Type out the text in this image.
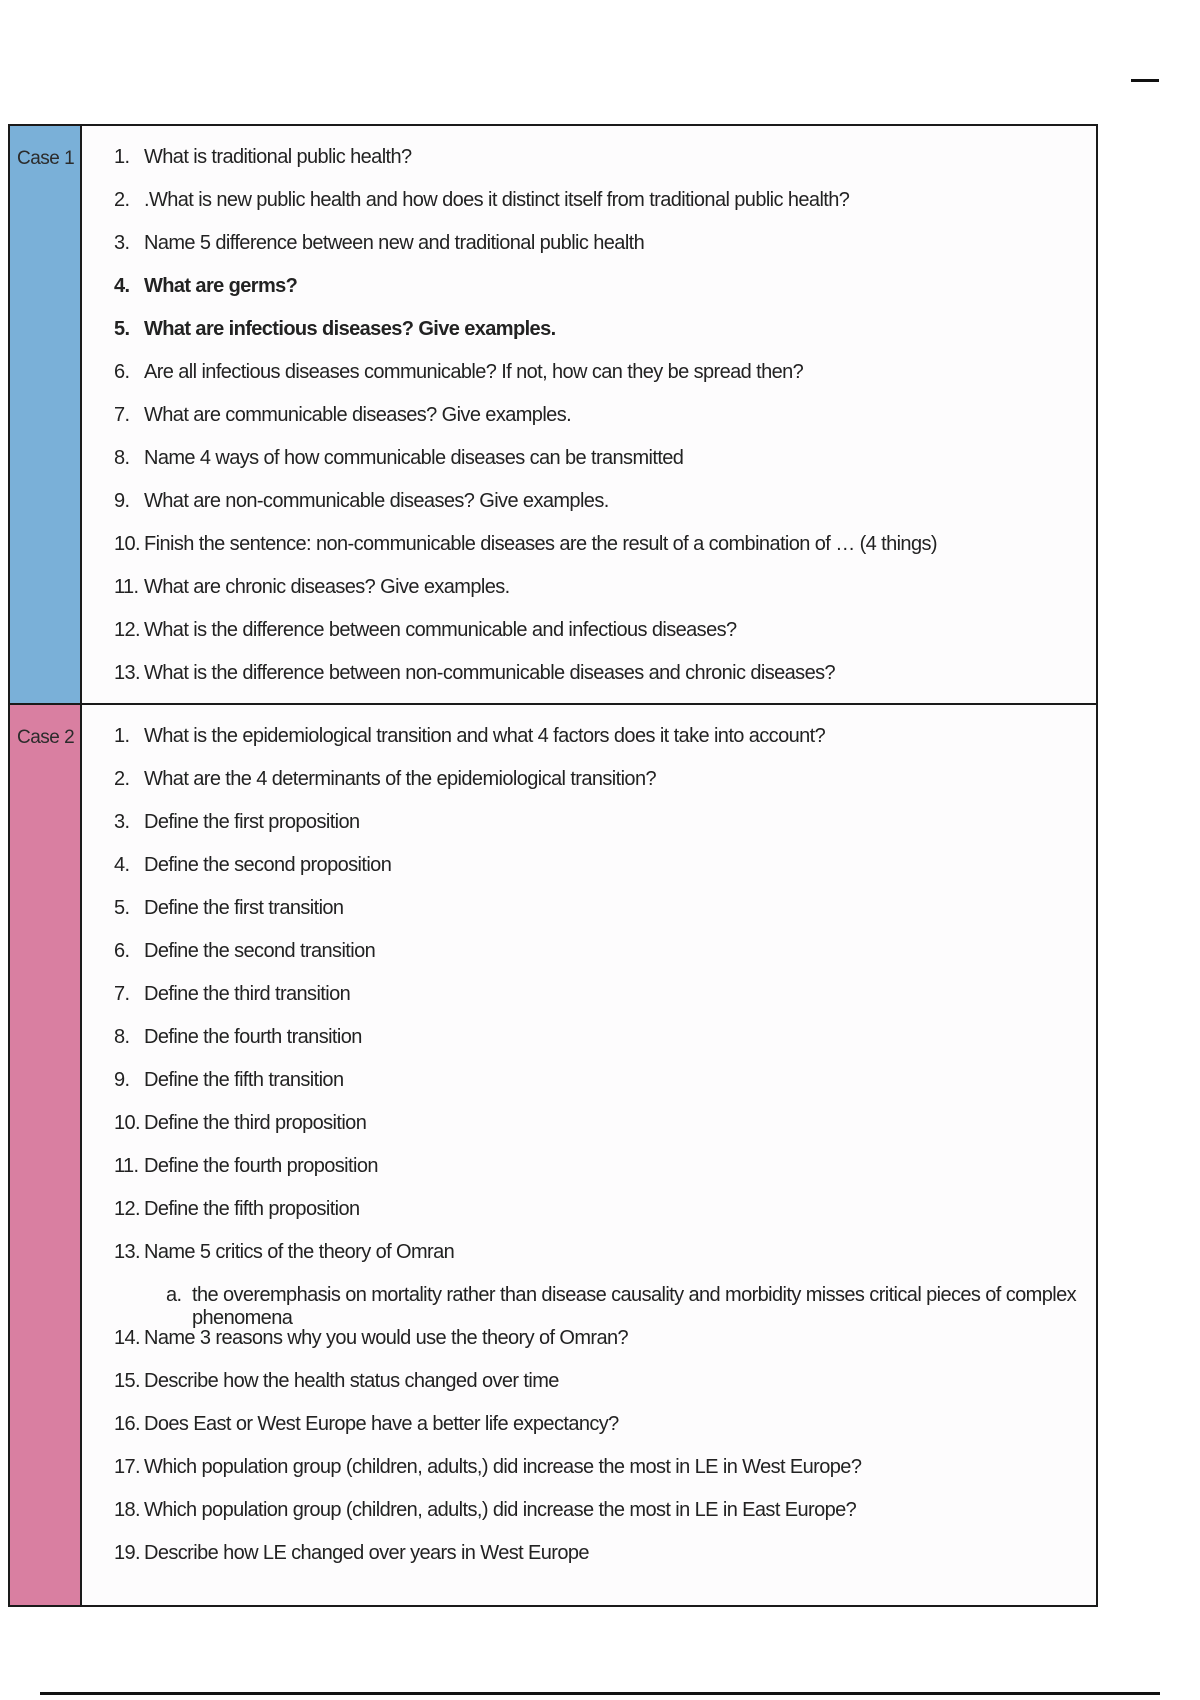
Case 1	1. What is traditional public health?
2. .What is new public health and how does it distinct itself from traditional public health?
3. Name 5 difference between new and traditional public health
4. What are germs?
5. What are infectious diseases? Give examples.
6. Are all infectious diseases communicable? If not, how can they be spread then?
7. What are communicable diseases? Give examples.
8. Name 4 ways of how communicable diseases can be transmitted
9. What are non-communicable diseases? Give examples.
10. Finish the sentence: non-communicable diseases are the result of a combination of … (4 things)
11. What are chronic diseases? Give examples.
12. What is the difference between communicable and infectious diseases?
13. What is the difference between non-communicable diseases and chronic diseases?
Case 2	1. What is the epidemiological transition and what 4 factors does it take into account?
2. What are the 4 determinants of the epidemiological transition?
3. Define the first proposition
4. Define the second proposition
5. Define the first transition
6. Define the second transition
7. Define the third transition
8. Define the fourth transition
9. Define the fifth transition
10. Define the third proposition
11. Define the fourth proposition
12. Define the fifth proposition
13. Name 5 critics of the theory of Omran
a. the overemphasis on mortality rather than disease causality and morbidity misses critical pieces of complex phenomena
14. Name 3 reasons why you would use the theory of Omran?
15. Describe how the health status changed over time
16. Does East or West Europe have a better life expectancy?
17. Which population group (children, adults,) did increase the most in LE in West Europe?
18. Which population group (children, adults,) did increase the most in LE in East Europe?
19. Describe how LE changed over years in West Europe
